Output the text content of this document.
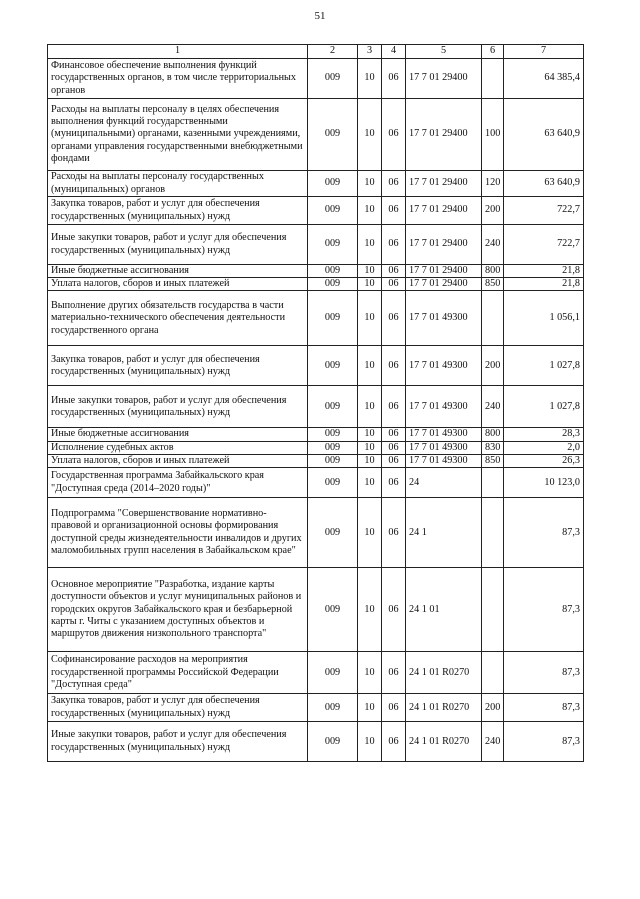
51
1	2	3	4	5	6	7
Финансовое обеспечение выполнения функций государственных органов, в том числе территориальных органов	009	10	06	17 7 01 29400		64 385,4
Расходы на выплаты персоналу в целях обеспечения выполнения функций государственными (муниципальными) органами, казенными учреждениями, органами управления государственными внебюджетными фондами	009	10	06	17 7 01 29400	100	63 640,9
Расходы на выплаты персоналу государственных (муниципальных) органов	009	10	06	17 7 01 29400	120	63 640,9
Закупка товаров, работ и услуг для обеспечения государственных (муниципальных) нужд	009	10	06	17 7 01 29400	200	722,7
Иные закупки товаров, работ и услуг для обеспечения государственных (муниципальных) нужд	009	10	06	17 7 01 29400	240	722,7
Иные бюджетные ассигнования	009	10	06	17 7 01 29400	800	21,8
Уплата налогов, сборов и иных платежей	009	10	06	17 7 01 29400	850	21,8
Выполнение других обязательств государства в части материально-технического обеспечения деятельности государственного органа	009	10	06	17 7 01 49300		1 056,1
Закупка товаров, работ и услуг для обеспечения государственных (муниципальных) нужд	009	10	06	17 7 01 49300	200	1 027,8
Иные закупки товаров, работ и услуг для обеспечения государственных (муниципальных) нужд	009	10	06	17 7 01 49300	240	1 027,8
Иные бюджетные ассигнования	009	10	06	17 7 01 49300	800	28,3
Исполнение судебных актов	009	10	06	17 7 01 49300	830	2,0
Уплата налогов, сборов и иных платежей	009	10	06	17 7 01 49300	850	26,3
Государственная программа Забайкальского края "Доступная среда (2014–2020 годы)"	009	10	06	24		10 123,0
Подпрограмма "Совершенствование нормативно-правовой и организационной основы формирования доступной среды жизнедеятельности инвалидов и других маломобильных групп населения в Забайкальском крае"	009	10	06	24 1		87,3
Основное мероприятие "Разработка, издание карты доступности объектов и услуг муниципальных районов и городских округов Забайкальского края и безбарьерной карты г. Читы с указанием доступных объектов и маршрутов движения низкопольного транспорта"	009	10	06	24 1 01		87,3
Софинансирование расходов на мероприятия государственной программы Российской Федерации "Доступная среда"	009	10	06	24 1 01 R0270		87,3
Закупка товаров, работ и услуг для обеспечения государственных (муниципальных) нужд	009	10	06	24 1 01 R0270	200	87,3
Иные закупки товаров, работ и услуг для обеспечения государственных (муниципальных) нужд	009	10	06	24 1 01 R0270	240	87,3
